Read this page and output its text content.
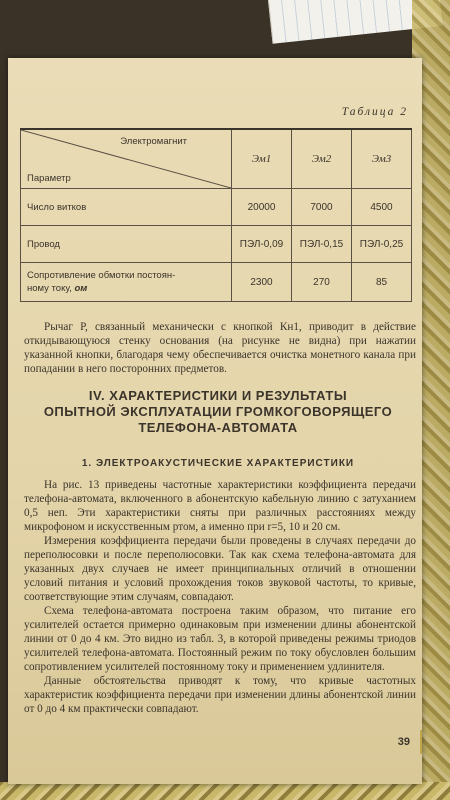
Таблица 2
Электромагнит
Параметр	Эм1	Эм2	Эм3
Число витков	20000	7000	4500
Провод	ПЭЛ-0,09	ПЭЛ-0,15	ПЭЛ-0,25
Сопротивление обмотки постоян-
ному току, ом	2300	270	85

Рычаг Р, связанный механически с кнопкой Кн1, приводит в действие откидывающуюся стенку основания (на рисунке не видна) при нажатии указанной кнопки, благодаря чему обеспечивается очистка монетного канала при попадании в него посторонних предметов.

IV. ХАРАКТЕРИСТИКИ И РЕЗУЛЬТАТЫ
ОПЫТНОЙ ЭКСПЛУАТАЦИИ ГРОМКОГОВОРЯЩЕГО
ТЕЛЕФОНА-АВТОМАТА
1. ЭЛЕКТРОАКУСТИЧЕСКИЕ ХАРАКТЕРИСТИКИ

На рис. 13 приведены частотные характеристики коэффициента передачи телефона-автомата, включенного в абонентскую кабельную линию с затуханием 0,5 неп. Эти характеристики сняты при различных расстояниях между микрофоном и искусственным ртом, а именно при r=5, 10 и 20 см.

Измерения коэффициента передачи были проведены в случаях передачи до переполюсовки и после переполюсовки. Так как схема телефона-автомата для указанных двух случаев не имеет принципиальных отличий в отношении условий питания и условий прохождения токов звуковой частоты, то кривые, соответствующие этим случаям, совпадают.

Схема телефона-автомата построена таким образом, что питание его усилителей остается примерно одинаковым при изменении длины абонентской линии от 0 до 4 км. Это видно из табл. 3, в которой приведены режимы триодов усилителей телефона-автомата. Постоянный режим по току обусловлен большим сопротивлением усилителей постоянному току и применением удлинителя.

Данные обстоятельства приводят к тому, что кривые частотных характеристик коэффициента передачи при изменении длины абонентской линии от 0 до 4 км практически совпадают.

39
